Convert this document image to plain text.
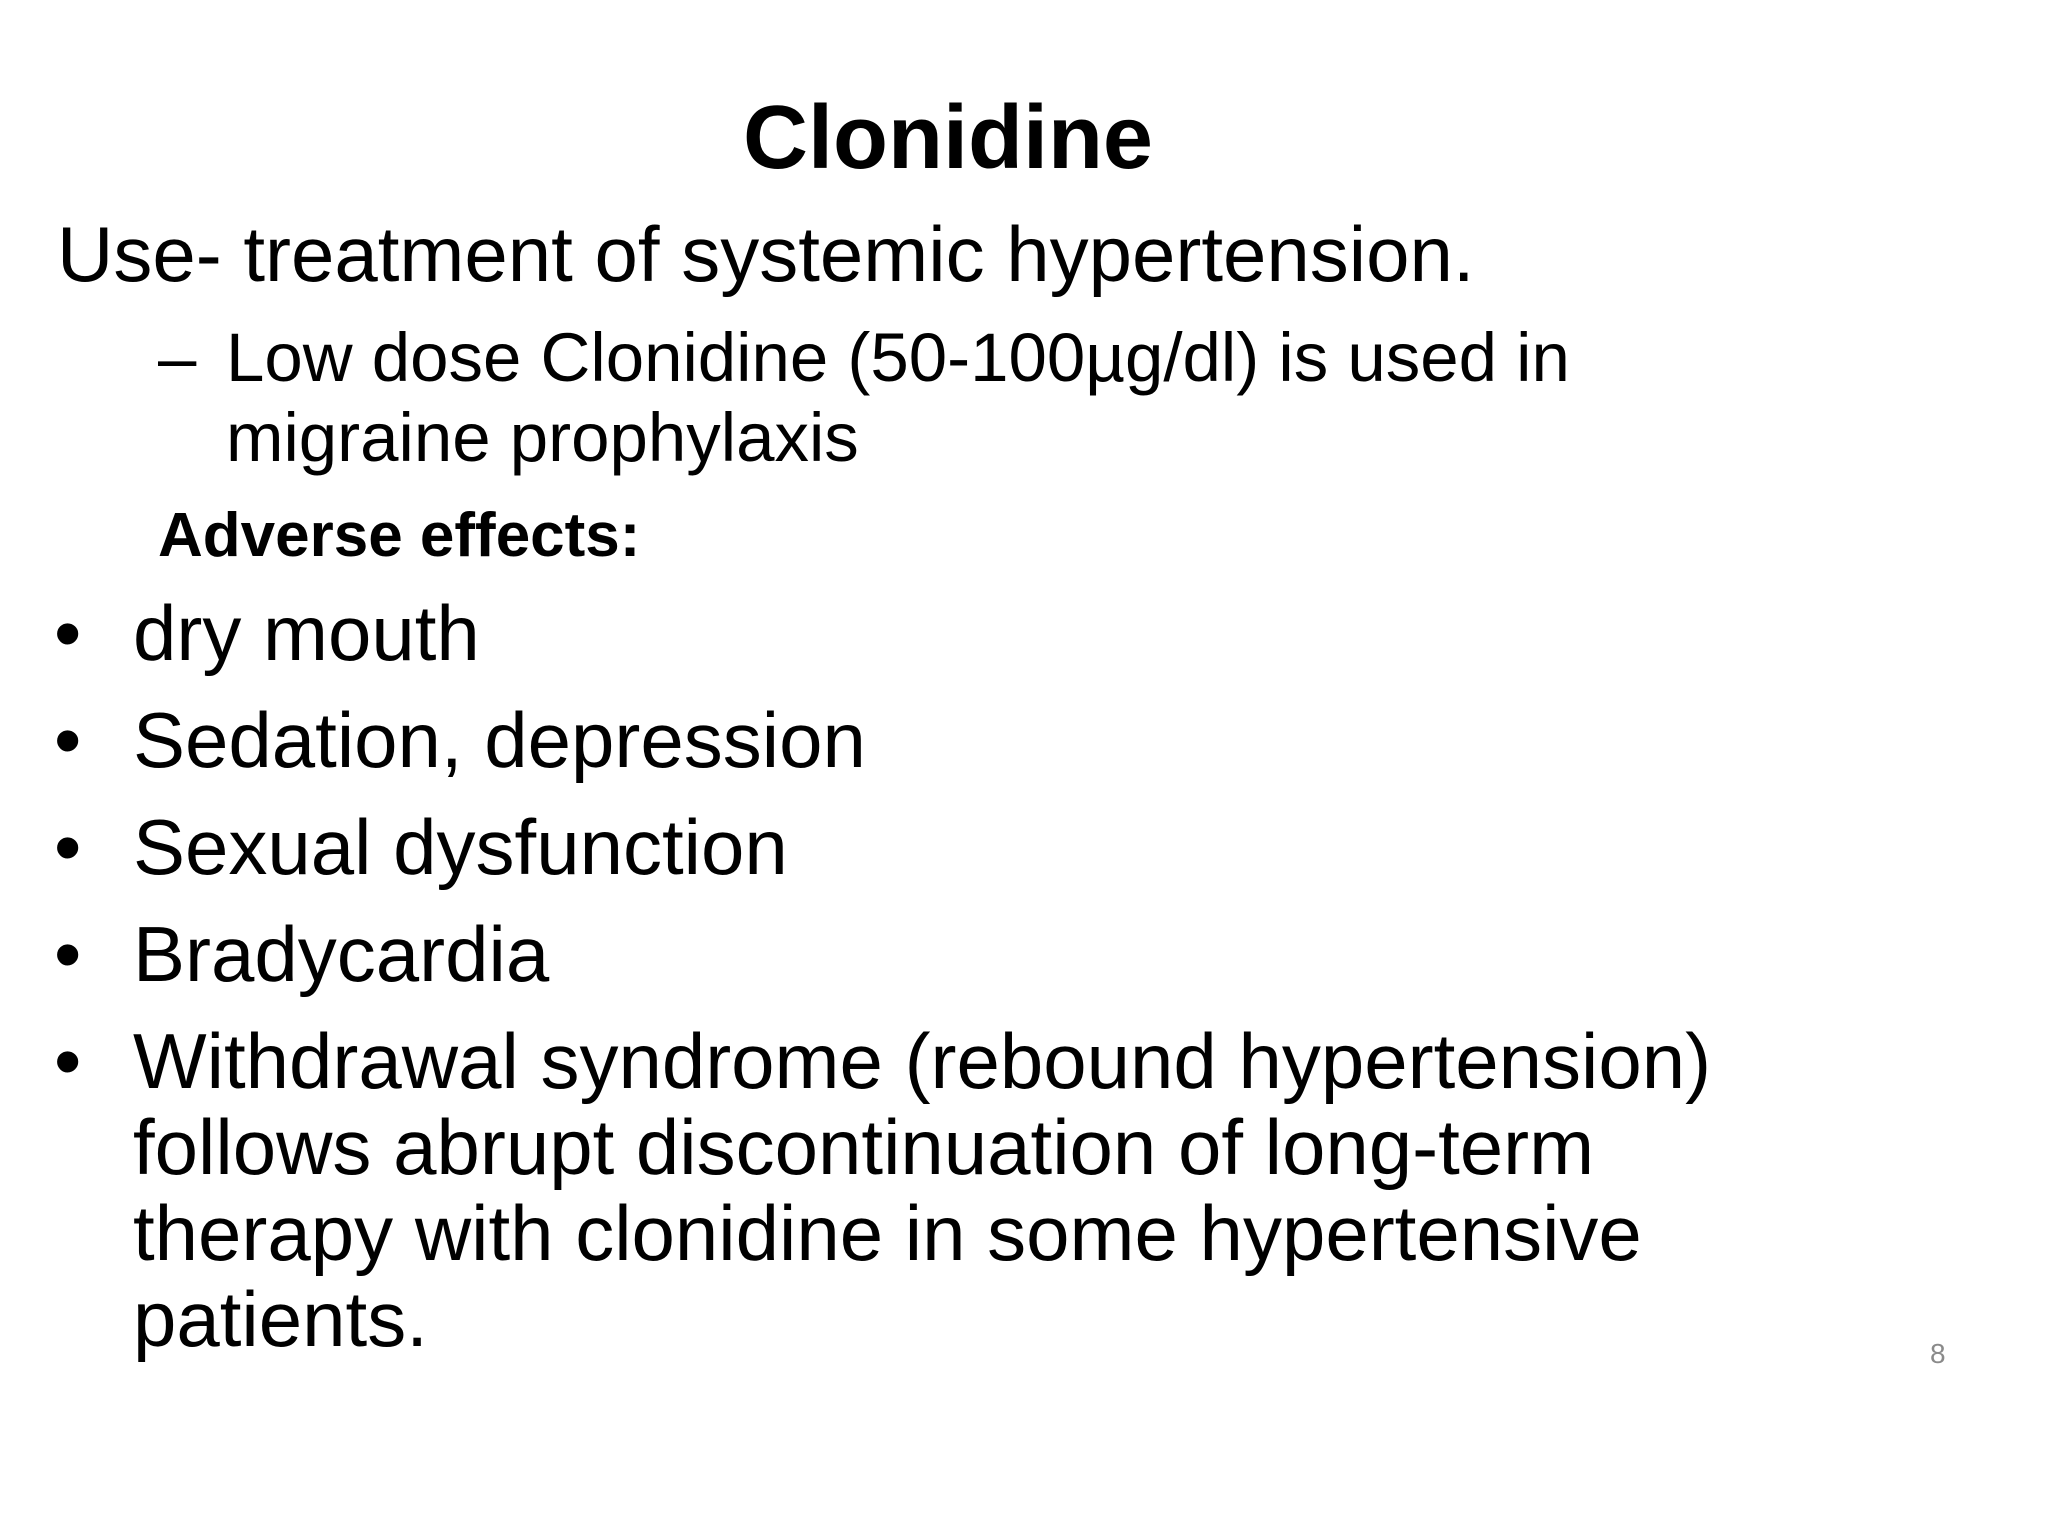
Clonidine

Use- treatment of systemic hypertension.

– Low dose Clonidine (50-100µg/dl) is used in migraine prophylaxis

Adverse effects:

• dry mouth
• Sedation, depression
• Sexual dysfunction
• Bradycardia
• Withdrawal syndrome (rebound hypertension) follows abrupt discontinuation of long-term therapy with clonidine in some hypertensive patients.	8
